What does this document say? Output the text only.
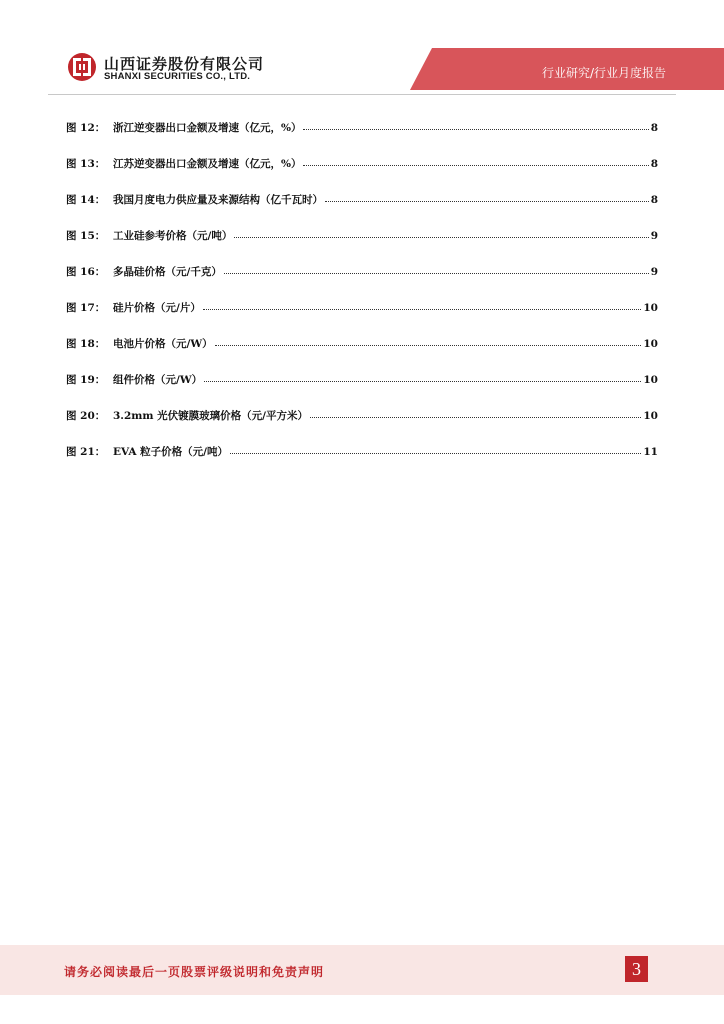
行业研究/行业月度报告
山西证券股份有限公司
SHANXI SECURITIES CO., LTD.
图 12： 浙江逆变器出口金额及增速（亿元，%）	8
图 13： 江苏逆变器出口金额及增速（亿元，%）	8
图 14： 我国月度电力供应量及来源结构（亿千瓦时）	8
图 15： 工业硅参考价格（元/吨）	9
图 16： 多晶硅价格（元/千克）	9
图 17： 硅片价格（元/片）	10
图 18： 电池片价格（元/W）	10
图 19： 组件价格（元/W）	10
图 20： 3.2mm 光伏镀膜玻璃价格（元/平方米）	10
图 21： EVA 粒子价格（元/吨）	11
请务必阅读最后一页股票评级说明和免责声明	3
